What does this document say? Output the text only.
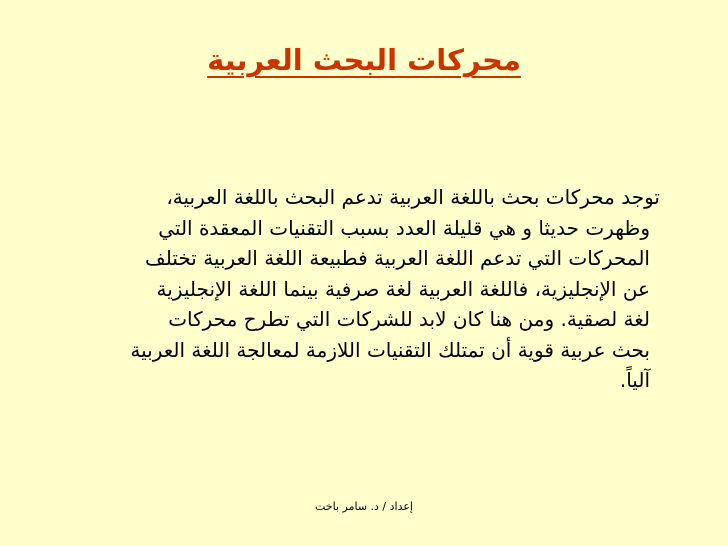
محركات البحث العربية
توجد محركات بحث باللغة العربية تدعم البحث باللغة العربية،
وظهرت حديثا و هي قليلة العدد بسبب التقنيات المعقدة التي
المحركات التي تدعم اللغة العربية فطبيعة اللغة العربية تختلف
عن الإنجليزية، فاللغة العربية لغة صرفية بينما اللغة الإنجليزية
لغة لصقية. ومن هنا كان لابد للشركات التي تطرح محركات
بحث عربية قوية أن تمتلك التقنيات اللازمة لمعالجة اللغة العربية
آلياً.
إعداد / د. سامر باخت
